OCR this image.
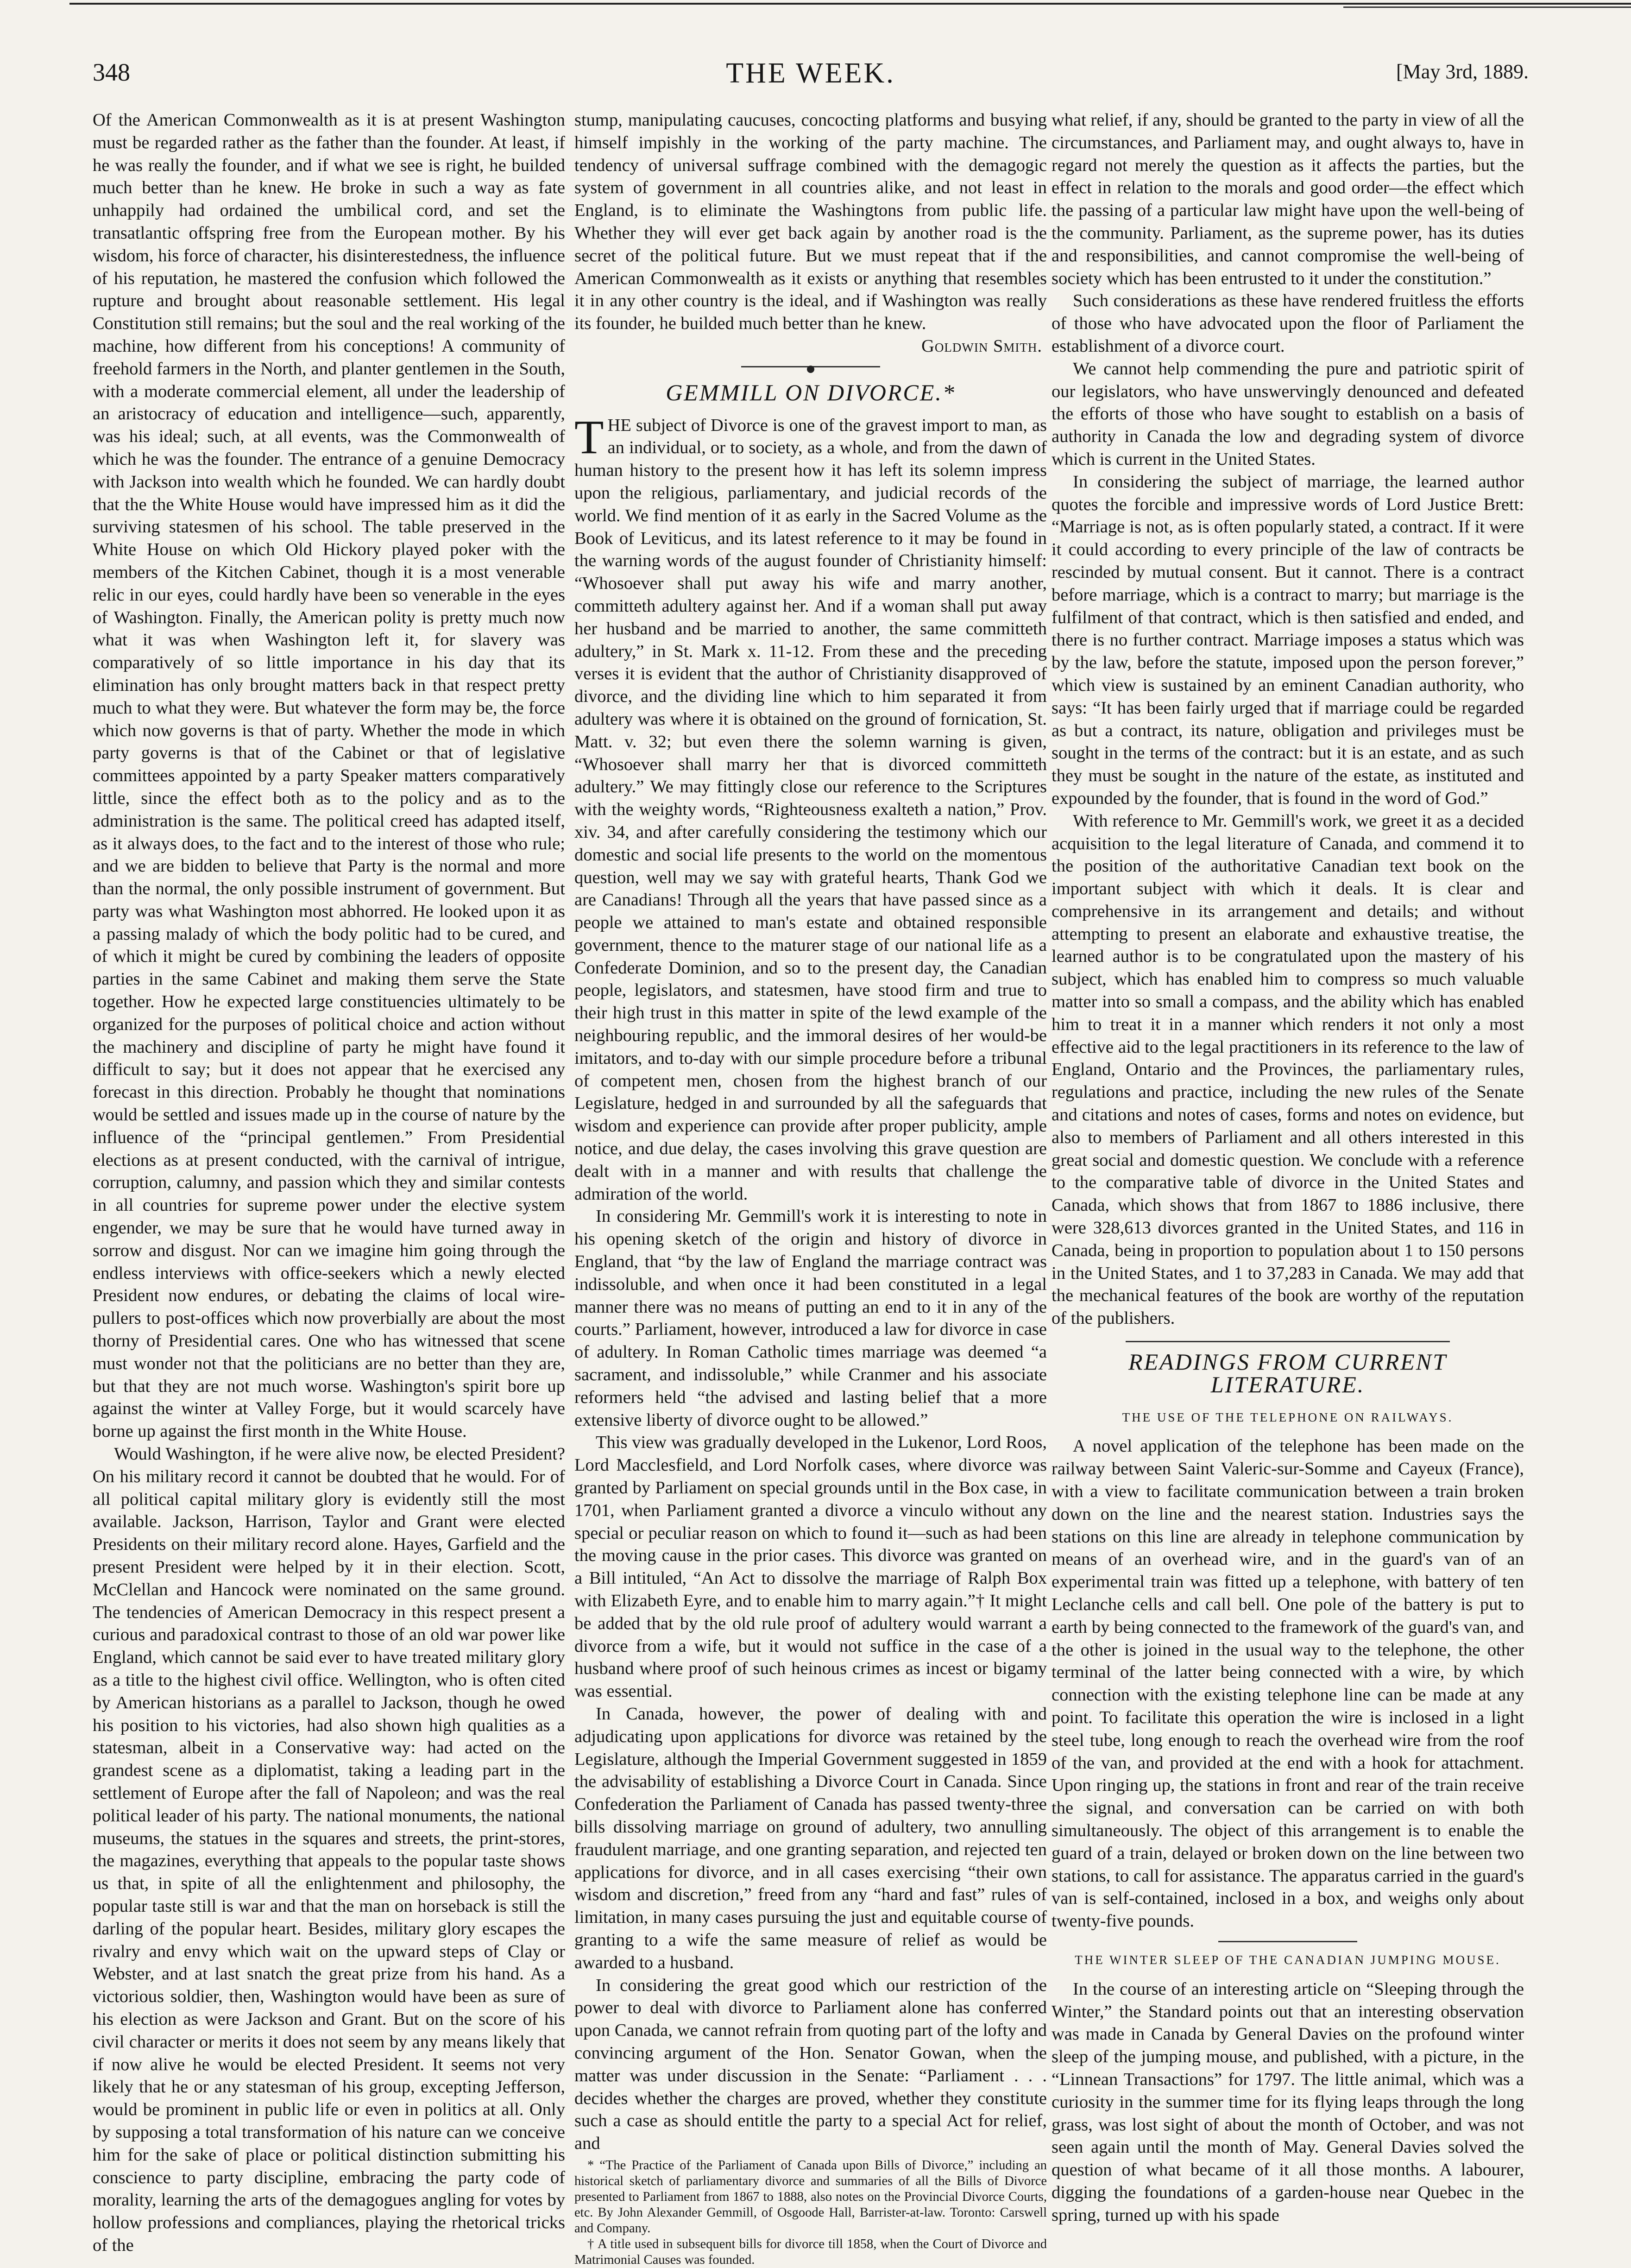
348	THE WEEK.	[May 3rd, 1889.

Of the American Commonwealth as it is at present Washington must be regarded rather as the father than the founder. At least, if he was really the founder, and if what we see is right, he builded much better than he knew. He broke in such a way as fate unhappily had ordained the umbilical cord, and set the transatlantic offspring free from the European mother. By his wisdom, his force of character, his disinterestedness, the influence of his reputation, he mastered the confusion which followed the rupture and brought about reasonable settlement. His legal Constitution still remains; but the soul and the real working of the machine, how different from his conceptions! A community of freehold farmers in the North, and planter gentlemen in the South, with a moderate commercial element, all under the leadership of an aristocracy of education and intelligence—such, apparently, was his ideal; such, at all events, was the Commonwealth of which he was the founder. The entrance of a genuine Democracy with Jackson into wealth which he founded. We can hardly doubt that the the White House would have impressed him as it did the surviving statesmen of his school. The table preserved in the White House on which Old Hickory played poker with the members of the Kitchen Cabinet, though it is a most venerable relic in our eyes, could hardly have been so venerable in the eyes of Washington. Finally, the American polity is pretty much now what it was when Washington left it, for slavery was comparatively of so little importance in his day that its elimination has only brought matters back in that respect pretty much to what they were. But whatever the form may be, the force which now governs is that of party. Whether the mode in which party governs is that of the Cabinet or that of legislative committees appointed by a party Speaker matters comparatively little, since the effect both as to the policy and as to the administration is the same. The political creed has adapted itself, as it always does, to the fact and to the interest of those who rule; and we are bidden to believe that Party is the normal and more than the normal, the only possible instrument of government. But party was what Washington most abhorred. He looked upon it as a passing malady of which the body politic had to be cured, and of which it might be cured by combining the leaders of opposite parties in the same Cabinet and making them serve the State together. How he expected large constituencies ultimately to be organized for the purposes of political choice and action without the machinery and discipline of party he might have found it difficult to say; but it does not appear that he exercised any forecast in this direction. Probably he thought that nominations would be settled and issues made up in the course of nature by the influence of the “principal gentlemen.” From Presidential elections as at present conducted, with the carnival of intrigue, corruption, calumny, and passion which they and similar contests in all countries for supreme power under the elective system engender, we may be sure that he would have turned away in sorrow and disgust. Nor can we imagine him going through the endless interviews with office-seekers which a newly elected President now endures, or debating the claims of local wire-pullers to post-offices which now proverbially are about the most thorny of Presidential cares. One who has witnessed that scene must wonder not that the politicians are no better than they are, but that they are not much worse. Washington's spirit bore up against the winter at Valley Forge, but it would scarcely have borne up against the first month in the White House.

Would Washington, if he were alive now, be elected President? On his military record it cannot be doubted that he would. For of all political capital military glory is evidently still the most available. Jackson, Harrison, Taylor and Grant were elected Presidents on their military record alone. Hayes, Garfield and the present President were helped by it in their election. Scott, McClellan and Hancock were nominated on the same ground. The tendencies of American Democracy in this respect present a curious and paradoxical contrast to those of an old war power like England, which cannot be said ever to have treated military glory as a title to the highest civil office. Wellington, who is often cited by American historians as a parallel to Jackson, though he owed his position to his victories, had also shown high qualities as a statesman, albeit in a Conservative way: had acted on the grandest scene as a diplomatist, taking a leading part in the settlement of Europe after the fall of Napoleon; and was the real political leader of his party. The national monuments, the national museums, the statues in the squares and streets, the print-stores, the magazines, everything that appeals to the popular taste shows us that, in spite of all the enlightenment and philosophy, the popular taste still is war and that the man on horseback is still the darling of the popular heart. Besides, military glory escapes the rivalry and envy which wait on the upward steps of Clay or Webster, and at last snatch the great prize from his hand. As a victorious soldier, then, Washington would have been as sure of his election as were Jackson and Grant. But on the score of his civil character or merits it does not seem by any means likely that if now alive he would be elected President. It seems not very likely that he or any statesman of his group, excepting Jefferson, would be prominent in public life or even in politics at all. Only by supposing a total transformation of his nature can we conceive him for the sake of place or political distinction submitting his conscience to party discipline, embracing the party code of morality, learning the arts of the demagogues angling for votes by hollow professions and compliances, playing the rhetorical tricks of the

stump, manipulating caucuses, concocting platforms and busying himself impishly in the working of the party machine. The tendency of universal suffrage combined with the demagogic system of government in all countries alike, and not least in England, is to eliminate the Washingtons from public life. Whether they will ever get back again by another road is the secret of the political future. But we must repeat that if the American Commonwealth as it exists or anything that resembles it in any other country is the ideal, and if Washington was really its founder, he builded much better than he knew.

Goldwin Smith.
GEMMILL ON DIVORCE.*

THE subject of Divorce is one of the gravest import to man, as an individual, or to society, as a whole, and from the dawn of human history to the present how it has left its solemn impress upon the religious, parliamentary, and judicial records of the world. We find mention of it as early in the Sacred Volume as the Book of Leviticus, and its latest reference to it may be found in the warning words of the august founder of Christianity himself: “Whosoever shall put away his wife and marry another, committeth adultery against her. And if a woman shall put away her husband and be married to another, the same committeth adultery,” in St. Mark x. 11-12. From these and the preceding verses it is evident that the author of Christianity disapproved of divorce, and the dividing line which to him separated it from adultery was where it is obtained on the ground of fornication, St. Matt. v. 32; but even there the solemn warning is given, “Whosoever shall marry her that is divorced committeth adultery.” We may fittingly close our reference to the Scriptures with the weighty words, “Righteousness exalteth a nation,” Prov. xiv. 34, and after carefully considering the testimony which our domestic and social life presents to the world on the momentous question, well may we say with grateful hearts, Thank God we are Canadians! Through all the years that have passed since as a people we attained to man's estate and obtained responsible government, thence to the maturer stage of our national life as a Confederate Dominion, and so to the present day, the Canadian people, legislators, and statesmen, have stood firm and true to their high trust in this matter in spite of the lewd example of the neighbouring republic, and the immoral desires of her would-be imitators, and to-day with our simple procedure before a tribunal of competent men, chosen from the highest branch of our Legislature, hedged in and surrounded by all the safeguards that wisdom and experience can provide after proper publicity, ample notice, and due delay, the cases involving this grave question are dealt with in a manner and with results that challenge the admiration of the world.

In considering Mr. Gemmill's work it is interesting to note in his opening sketch of the origin and history of divorce in England, that “by the law of England the marriage contract was indissoluble, and when once it had been constituted in a legal manner there was no means of putting an end to it in any of the courts.” Parliament, however, introduced a law for divorce in case of adultery. In Roman Catholic times marriage was deemed “a sacrament, and indissoluble,” while Cranmer and his associate reformers held “the advised and lasting belief that a more extensive liberty of divorce ought to be allowed.”

This view was gradually developed in the Lukenor, Lord Roos, Lord Macclesfield, and Lord Norfolk cases, where divorce was granted by Parliament on special grounds until in the Box case, in 1701, when Parliament granted a divorce a vinculo without any special or peculiar reason on which to found it—such as had been the moving cause in the prior cases. This divorce was granted on a Bill intituled, “An Act to dissolve the marriage of Ralph Box with Elizabeth Eyre, and to enable him to marry again.”† It might be added that by the old rule proof of adultery would warrant a divorce from a wife, but it would not suffice in the case of a husband where proof of such heinous crimes as incest or bigamy was essential.

In Canada, however, the power of dealing with and adjudicating upon applications for divorce was retained by the Legislature, although the Imperial Government suggested in 1859 the advisability of establishing a Divorce Court in Canada. Since Confederation the Parliament of Canada has passed twenty-three bills dissolving marriage on ground of adultery, two annulling fraudulent marriage, and one granting separation, and rejected ten applications for divorce, and in all cases exercising “their own wisdom and discretion,” freed from any “hard and fast” rules of limitation, in many cases pursuing the just and equitable course of granting to a wife the same measure of relief as would be awarded to a husband.

In considering the great good which our restriction of the power to deal with divorce to Parliament alone has conferred upon Canada, we cannot refrain from quoting part of the lofty and convincing argument of the Hon. Senator Gowan, when the matter was under discussion in the Senate: “Parliament . . . decides whether the charges are proved, whether they constitute such a case as should entitle the party to a special Act for relief, and

* “The Practice of the Parliament of Canada upon Bills of Divorce,” including an historical sketch of parliamentary divorce and summaries of all the Bills of Divorce presented to Parliament from 1867 to 1888, also notes on the Provincial Divorce Courts, etc. By John Alexander Gemmill, of Osgoode Hall, Barrister-at-law. Toronto: Carswell and Company.

† A title used in subsequent bills for divorce till 1858, when the Court of Divorce and Matrimonial Causes was founded.

what relief, if any, should be granted to the party in view of all the circumstances, and Parliament may, and ought always to, have in regard not merely the question as it affects the parties, but the effect in relation to the morals and good order—the effect which the passing of a particular law might have upon the well-being of the community. Parliament, as the supreme power, has its duties and responsibilities, and cannot compromise the well-being of society which has been entrusted to it under the constitution.”

Such considerations as these have rendered fruitless the efforts of those who have advocated upon the floor of Parliament the establishment of a divorce court.

We cannot help commending the pure and patriotic spirit of our legislators, who have unswervingly denounced and defeated the efforts of those who have sought to establish on a basis of authority in Canada the low and degrading system of divorce which is current in the United States.

In considering the subject of marriage, the learned author quotes the forcible and impressive words of Lord Justice Brett: “Marriage is not, as is often popularly stated, a contract. If it were it could according to every principle of the law of contracts be rescinded by mutual consent. But it cannot. There is a contract before marriage, which is a contract to marry; but marriage is the fulfilment of that contract, which is then satisfied and ended, and there is no further contract. Marriage imposes a status which was by the law, before the statute, imposed upon the person forever,” which view is sustained by an eminent Canadian authority, who says: “It has been fairly urged that if marriage could be regarded as but a contract, its nature, obligation and privileges must be sought in the terms of the contract: but it is an estate, and as such they must be sought in the nature of the estate, as instituted and expounded by the founder, that is found in the word of God.”

With reference to Mr. Gemmill's work, we greet it as a decided acquisition to the legal literature of Canada, and commend it to the position of the authoritative Canadian text book on the important subject with which it deals. It is clear and comprehensive in its arrangement and details; and without attempting to present an elaborate and exhaustive treatise, the learned author is to be congratulated upon the mastery of his subject, which has enabled him to compress so much valuable matter into so small a compass, and the ability which has enabled him to treat it in a manner which renders it not only a most effective aid to the legal practitioners in its reference to the law of England, Ontario and the Provinces, the parliamentary rules, regulations and practice, including the new rules of the Senate and citations and notes of cases, forms and notes on evidence, but also to members of Parliament and all others interested in this great social and domestic question. We conclude with a reference to the comparative table of divorce in the United States and Canada, which shows that from 1867 to 1886 inclusive, there were 328,613 divorces granted in the United States, and 116 in Canada, being in proportion to population about 1 to 150 persons in the United States, and 1 to 37,283 in Canada. We may add that the mechanical features of the book are worthy of the reputation of the publishers.

READINGS FROM CURRENT LITERATURE.
THE USE OF THE TELEPHONE ON RAILWAYS.

A novel application of the telephone has been made on the railway between Saint Valeric-sur-Somme and Cayeux (France), with a view to facilitate communication between a train broken down on the line and the nearest station. Industries says the stations on this line are already in telephone communication by means of an overhead wire, and in the guard's van of an experimental train was fitted up a telephone, with battery of ten Leclanche cells and call bell. One pole of the battery is put to earth by being connected to the framework of the guard's van, and the other is joined in the usual way to the telephone, the other terminal of the latter being connected with a wire, by which connection with the existing telephone line can be made at any point. To facilitate this operation the wire is inclosed in a light steel tube, long enough to reach the overhead wire from the roof of the van, and provided at the end with a hook for attachment. Upon ringing up, the stations in front and rear of the train receive the signal, and conversation can be carried on with both simultaneously. The object of this arrangement is to enable the guard of a train, delayed or broken down on the line between two stations, to call for assistance. The apparatus carried in the guard's van is self-contained, inclosed in a box, and weighs only about twenty-five pounds.

THE WINTER SLEEP OF THE CANADIAN JUMPING MOUSE.

In the course of an interesting article on “Sleeping through the Winter,” the Standard points out that an interesting observation was made in Canada by General Davies on the profound winter sleep of the jumping mouse, and published, with a picture, in the “Linnean Transactions” for 1797. The little animal, which was a curiosity in the summer time for its flying leaps through the long grass, was lost sight of about the month of October, and was not seen again until the month of May. General Davies solved the question of what became of it all those months. A labourer, digging the foundations of a garden-house near Quebec in the spring, turned up with his spade
